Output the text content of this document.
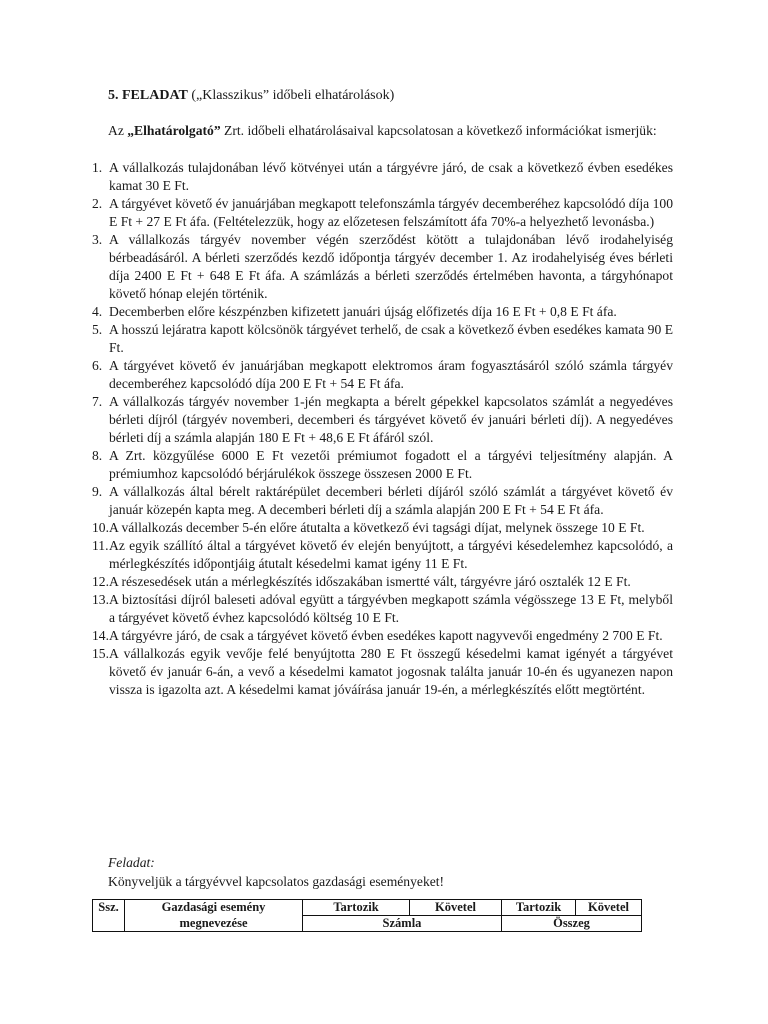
5. FELADAT („Klasszikus” időbeli elhatárolások)
Az „Elhatárolgató” Zrt. időbeli elhatárolásaival kapcsolatosan a következő információkat ismerjük:
1. A vállalkozás tulajdonában lévő kötvényei után a tárgyévre járó, de csak a következő évben esedékes kamat 30 E Ft.
2. A tárgyévet követő év januárjában megkapott telefonszámla tárgyév decemberéhez kapcsolódó díja 100 E Ft + 27 E Ft áfa. (Feltételezzük, hogy az előzetesen felszámított áfa 70%-a helyezhető levonásba.)
3. A vállalkozás tárgyév november végén szerződést kötött a tulajdonában lévő irodahelyiség bérbeadásáról. A bérleti szerződés kezdő időpontja tárgyév december 1. Az irodahelyiség éves bérleti díja 2400 E Ft + 648 E Ft áfa. A számlázás a bérleti szerződés értelmében havonta, a tárgyhónapot követő hónap elején történik.
4. Decemberben előre készpénzben kifizetett januári újság előfizetés díja 16 E Ft + 0,8 E Ft áfa.
5. A hosszú lejáratra kapott kölcsönök tárgyévet terhelő, de csak a következő évben esedékes kamata 90 E Ft.
6. A tárgyévet követő év januárjában megkapott elektromos áram fogyasztásáról szóló számla tárgyév decemberéhez kapcsolódó díja 200 E Ft + 54 E Ft áfa.
7. A vállalkozás tárgyév november 1-jén megkapta a bérelt gépekkel kapcsolatos számlát a negyedéves bérleti díjról (tárgyév novemberi, decemberi és tárgyévet követő év januári bérleti díj). A negyedéves bérleti díj a számla alapján 180 E Ft + 48,6 E Ft áfáról szól.
8. A Zrt. közgyűlése 6000 E Ft vezetői prémiumot fogadott el a tárgyévi teljesítmény alapján. A prémiumhoz kapcsolódó bérjárulékok összege összesen 2000 E Ft.
9. A vállalkozás által bérelt raktárépület decemberi bérleti díjáról szóló számlát a tárgyévet követő év január közepén kapta meg. A decemberi bérleti díj a számla alapján 200 E Ft + 54 E Ft áfa.
10. A vállalkozás december 5-én előre átutalta a következő évi tagsági díjat, melynek összege 10 E Ft.
11. Az egyik szállító által a tárgyévet követő év elején benyújtott, a tárgyévi késedelemhez kapcsolódó, a mérlegkészítés időpontjáig átutalt késedelmi kamat igény 11 E Ft.
12. A részesedések után a mérlegkészítés időszakában ismertté vált, tárgyévre járó osztalék 12 E Ft.
13. A biztosítási díjról baleseti adóval együtt a tárgyévben megkapott számla végösszege 13 E Ft, melyből a tárgyévet követő évhez kapcsolódó költség 10 E Ft.
14. A tárgyévre járó, de csak a tárgyévet követő évben esedékes kapott nagyvevői engedmény 2 700 E Ft.
15. A vállalkozás egyik vevője felé benyújtotta 280 E Ft összegű késedelmi kamat igényét a tárgyévet követő év január 6-án, a vevő a késedelmi kamatot jogosnak találta január 10-én és ugyanezen napon vissza is igazolta azt. A késedelmi kamat jóváírása január 19-én, a mérlegkészítés előtt megtörtént.
Feladat:
Könyveljük a tárgyévvel kapcsolatos gazdasági eseményeket!
Ssz.	Gazdasági esemény	Tartozik	Követel	Tartozik	Követel
	megnevezése	Számla		Összeg	
